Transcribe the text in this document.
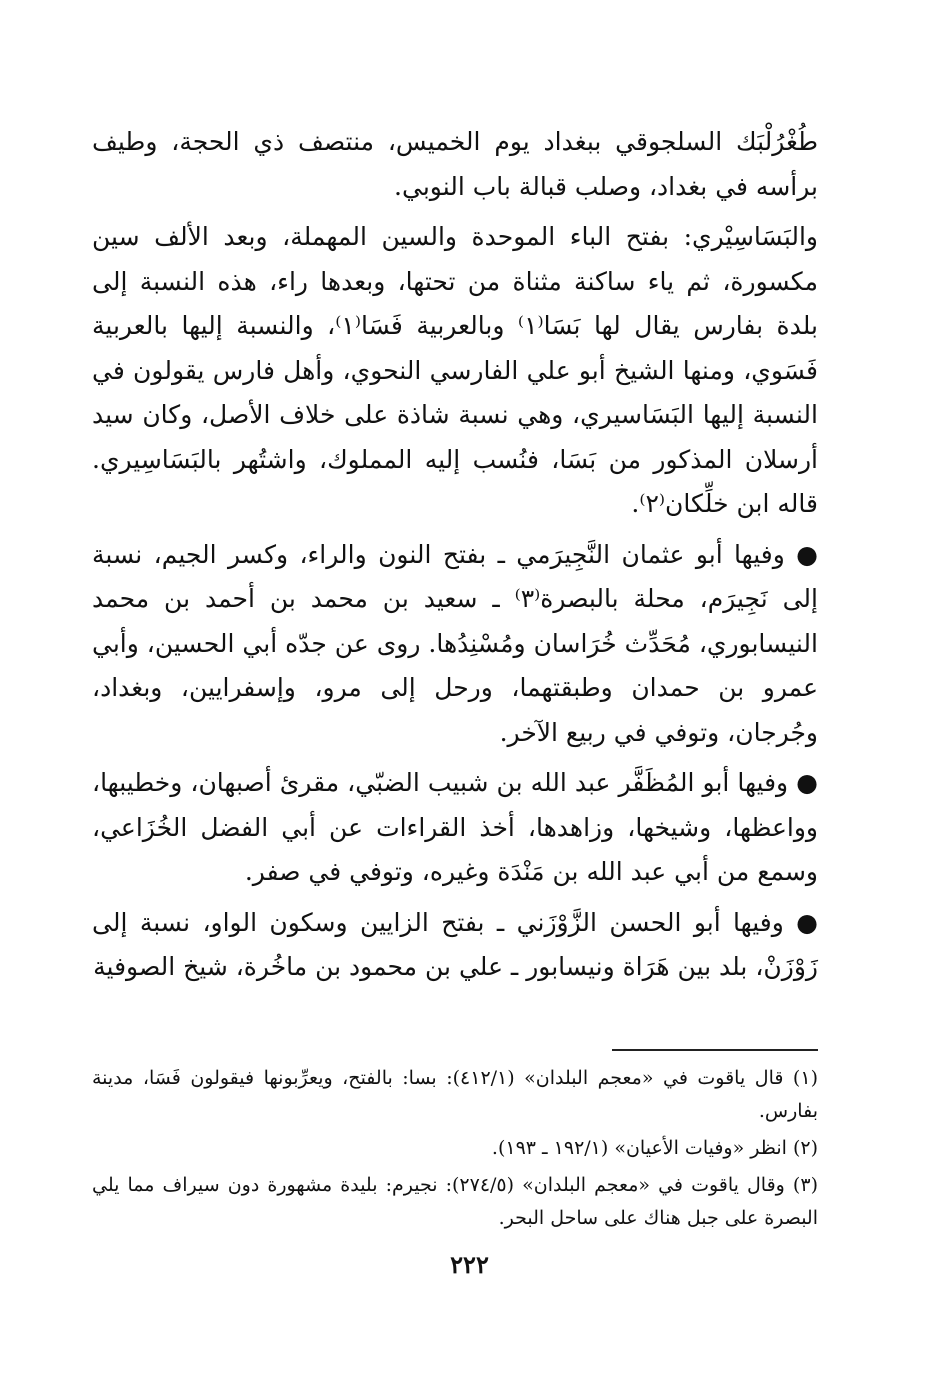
طُغْرُلْبَك السلجوقي ببغداد يوم الخميس، منتصف ذي الحجة، وطيف برأسه في بغداد، وصلب قبالة باب النوبي.

والبَسَاسِيْري: بفتح الباء الموحدة والسين المهملة، وبعد الألف سين مكسورة، ثم ياء ساكنة مثناة من تحتها، وبعدها راء، هذه النسبة إلى بلدة بفارس يقال لها بَسَا⁽١⁾ وبالعربية فَسَا⁽١⁾، والنسبة إليها بالعربية فَسَوي، ومنها الشيخ أبو علي الفارسي النحوي، وأهل فارس يقولون في النسبة إليها البَسَاسيري، وهي نسبة شاذة على خلاف الأصل، وكان سيد أرسلان المذكور من بَسَا، فنُسب إليه المملوك، واشتُهر بالبَسَاسِيري. قاله ابن خلِّكان⁽٢⁾.

● وفيها أبو عثمان النَّجِيرَمي ـ بفتح النون والراء، وكسر الجيم، نسبة إلى نَجِيرَم، محلة بالبصرة⁽٣⁾ ـ سعيد بن محمد بن أحمد بن محمد النيسابوري، مُحَدِّث خُرَاسان ومُسْنِدُها. روى عن جدّه أبي الحسين، وأبي عمرو بن حمدان وطبقتهما، ورحل إلى مرو، وإسفرايين، وبغداد، وجُرجان، وتوفي في ربيع الآخر.

● وفيها أبو المُظَفَّر عبد الله بن شبيب الضبّي، مقرئ أصبهان، وخطيبها، وواعظها، وشيخها، وزاهدها، أخذ القراءات عن أبي الفضل الخُزَاعي، وسمع من أبي عبد الله بن مَنْدَة وغيره، وتوفي في صفر.

● وفيها أبو الحسن الزَّوْزَني ـ بفتح الزايين وسكون الواو، نسبة إلى زَوْزَنْ، بلد بين هَرَاة ونيسابور ـ علي بن محمود بن ماخُرة، شيخ الصوفية

(١) قال ياقوت في «معجم البلدان» (٤١٢/١): بسا: بالفتح، ويعرِّبونها فيقولون فَسَا، مدينة بفارس.

(٢) انظر «وفيات الأعيان» (١٩٢/١ ـ ١٩٣).

(٣) وقال ياقوت في «معجم البلدان» (٢٧٤/٥): نجيرم: بليدة مشهورة دون سيراف مما يلي البصرة على جبل هناك على ساحل البحر.

٢٢٢
